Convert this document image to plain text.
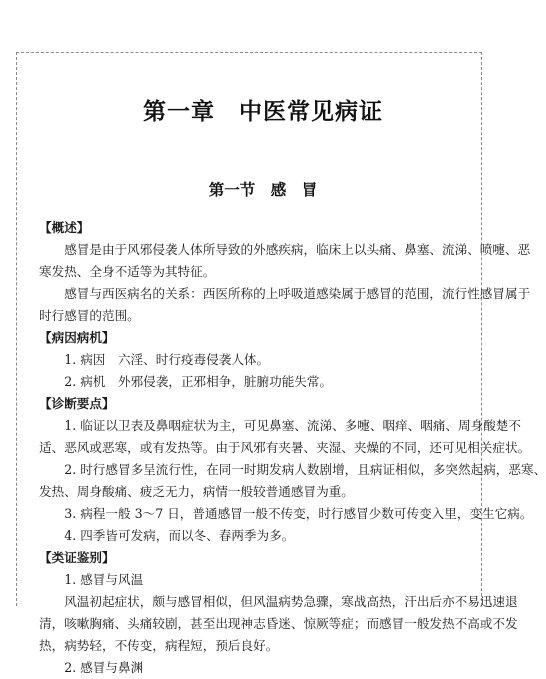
第一章　中医常见病证
第一节　感　冒

【概述】

感冒是由于风邪侵袭人体所导致的外感疾病，临床上以头痛、鼻塞、流涕、喷嚏、恶

寒发热、全身不适等为其特征。

感冒与西医病名的关系：西医所称的上呼吸道感染属于感冒的范围，流行性感冒属于

时行感冒的范围。

【病因病机】

1. 病因　六淫、时行疫毒侵袭人体。

2. 病机　外邪侵袭，正邪相争，脏腑功能失常。

【诊断要点】

1. 临证以卫表及鼻咽症状为主，可见鼻塞、流涕、多嚏、咽痒、咽痛、周身酸楚不

适、恶风或恶寒，或有发热等。由于风邪有夹暑、夹湿、夹燥的不同，还可见相关症状。

2. 时行感冒多呈流行性，在同一时期发病人数剧增，且病证相似，多突然起病，恶寒、

发热、周身酸痛、疲乏无力，病情一般较普通感冒为重。

3. 病程一般 3～7 日，普通感冒一般不传变，时行感冒少数可传变入里，变生它病。

4. 四季皆可发病，而以冬、春两季为多。

【类证鉴别】

1. 感冒与风温

风温初起症状，颇与感冒相似，但风温病势急骤，寒战高热，汗出后亦不易迅速退

清，咳嗽胸痛、头痛较剧，甚至出现神志昏迷、惊厥等症；而感冒一般发热不高或不发

热，病势轻，不传变，病程短，预后良好。

2. 感冒与鼻渊
